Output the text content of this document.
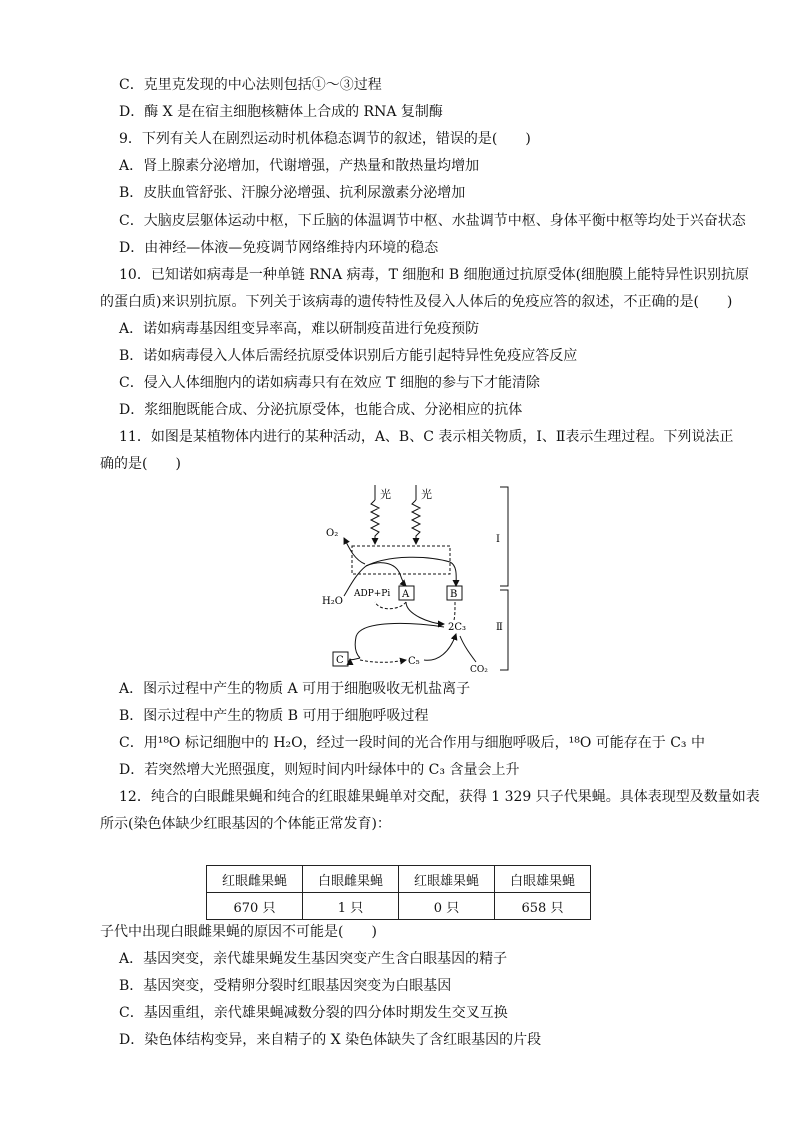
C．克里克发现的中心法则包括①～③过程
D．酶 X 是在宿主细胞核糖体上合成的 RNA 复制酶
9．下列有关人在剧烈运动时机体稳态调节的叙述，错误的是(　　)
A．肾上腺素分泌增加，代谢增强，产热量和散热量均增加
B．皮肤血管舒张、汗腺分泌增强、抗利尿激素分泌增加
C．大脑皮层躯体运动中枢，下丘脑的体温调节中枢、水盐调节中枢、身体平衡中枢等均处于兴奋状态
D．由神经—体液—免疫调节网络维持内环境的稳态
10．已知诺如病毒是一种单链 RNA 病毒，T 细胞和 B 细胞通过抗原受体(细胞膜上能特异性识别抗原
的蛋白质)来识别抗原。下列关于该病毒的遗传特性及侵入人体后的免疫应答的叙述，不正确的是(　　)
A．诺如病毒基因组变异率高，难以研制疫苗进行免疫预防
B．诺如病毒侵入人体后需经抗原受体识别后方能引起特异性免疫应答反应
C．侵入人体细胞内的诺如病毒只有在效应 T 细胞的参与下才能清除
D．浆细胞既能合成、分泌抗原受体，也能合成、分泌相应的抗体
11．如图是某植物体内进行的某种活动，A、B、C 表示相关物质，Ⅰ、Ⅱ表示生理过程。下列说法正
确的是(　　)
光	光
O₂
H₂O
ADP+Pi A	B
2C₃
C	C₅
CO₂
Ⅰ
Ⅱ
A．图示过程中产生的物质 A 可用于细胞吸收无机盐离子
B．图示过程中产生的物质 B 可用于细胞呼吸过程
C．用¹⁸O 标记细胞中的 H₂O，经过一段时间的光合作用与细胞呼吸后，¹⁸O 可能存在于 C₃ 中
D．若突然增大光照强度，则短时间内叶绿体中的 C₃ 含量会上升
12．纯合的白眼雌果蝇和纯合的红眼雄果蝇单对交配，获得 1 329 只子代果蝇。具体表现型及数量如表
所示(染色体缺少红眼基因的个体能正常发育)：
红眼雌果蝇	白眼雌果蝇	红眼雄果蝇	白眼雄果蝇
670 只	1 只	0 只	658 只
子代中出现白眼雌果蝇的原因不可能是(　　)
A．基因突变，亲代雄果蝇发生基因突变产生含白眼基因的精子
B．基因突变，受精卵分裂时红眼基因突变为白眼基因
C．基因重组，亲代雄果蝇减数分裂的四分体时期发生交叉互换
D．染色体结构变异，来自精子的 X 染色体缺失了含红眼基因的片段
